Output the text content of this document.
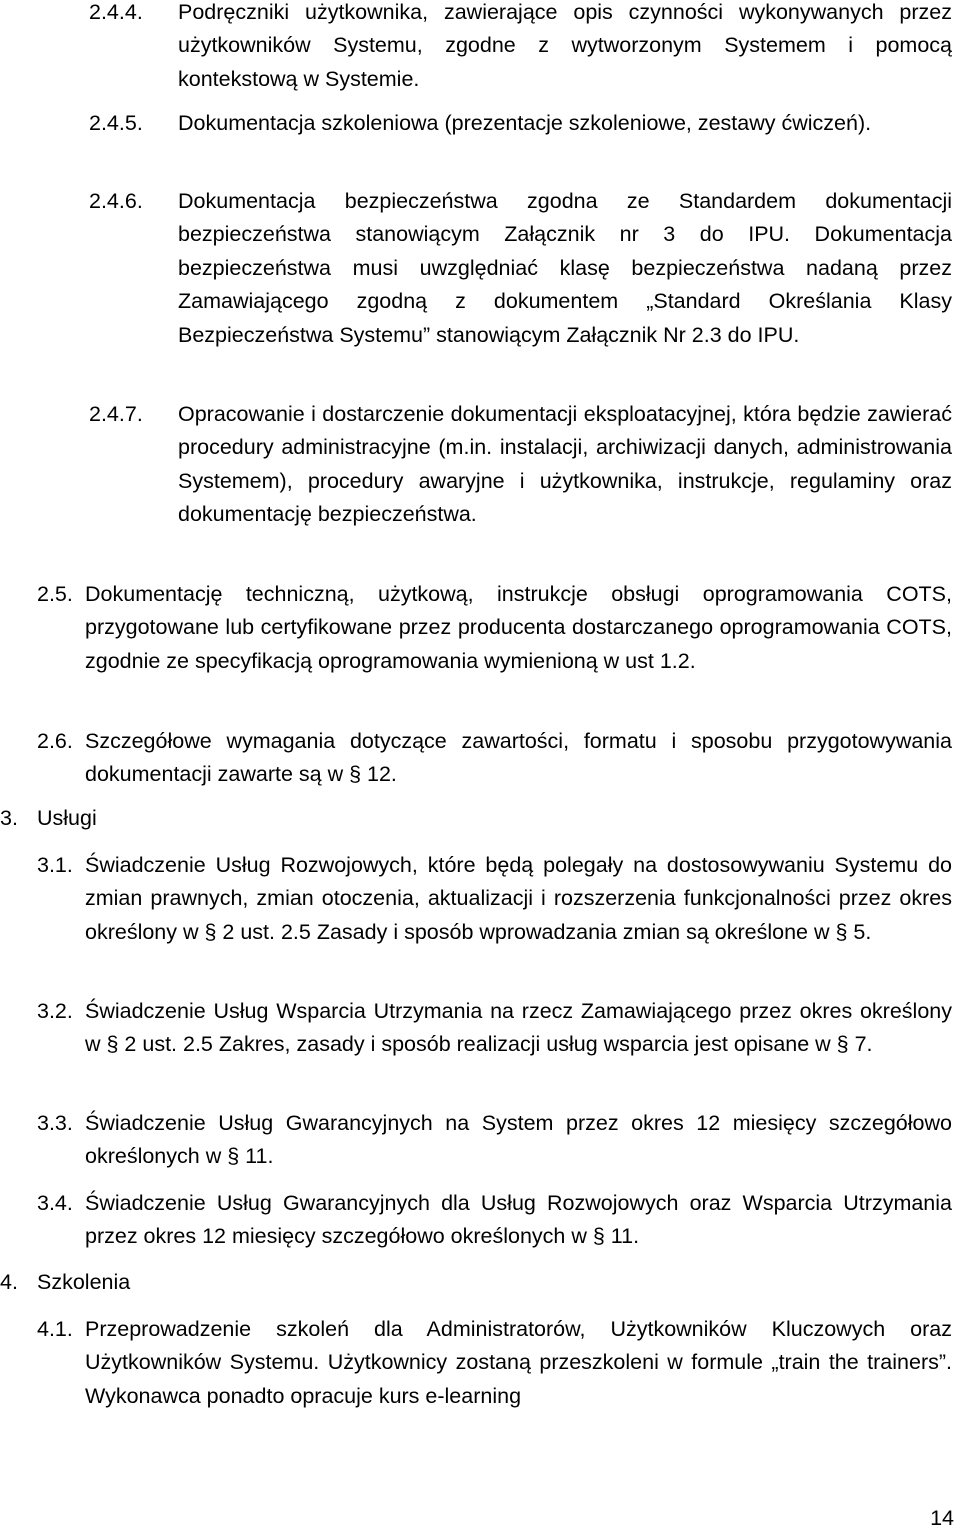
2.4.4.	Podręczniki użytkownika, zawierające opis czynności wykonywanych przez użytkowników Systemu, zgodne z wytworzonym Systemem i pomocą kontekstową w Systemie.
2.4.5.	Dokumentacja szkoleniowa (prezentacje szkoleniowe, zestawy ćwiczeń).
2.4.6.	Dokumentacja bezpieczeństwa zgodna ze Standardem dokumentacji bezpieczeństwa stanowiącym Załącznik nr 3 do IPU. Dokumentacja bezpieczeństwa musi uwzględniać klasę bezpieczeństwa nadaną przez Zamawiającego zgodną z dokumentem „Standard Określania Klasy Bezpieczeństwa Systemu” stanowiącym Załącznik Nr 2.3 do IPU.
2.4.7.	Opracowanie i dostarczenie dokumentacji eksploatacyjnej, która będzie zawierać procedury administracyjne (m.in. instalacji, archiwizacji danych, administrowania Systemem), procedury awaryjne i użytkownika, instrukcje, regulaminy oraz dokumentację bezpieczeństwa.
2.5. Dokumentację techniczną, użytkową, instrukcje obsługi oprogramowania COTS, przygotowane lub certyfikowane przez producenta dostarczanego oprogramowania COTS, zgodnie ze specyfikacją oprogramowania wymienioną w ust 1.2.
2.6. Szczegółowe wymagania dotyczące zawartości, formatu i sposobu przygotowywania dokumentacji zawarte są w § 12.
3. Usługi
3.1. Świadczenie Usług Rozwojowych, które będą polegały na dostosowywaniu Systemu do zmian prawnych, zmian otoczenia, aktualizacji i rozszerzenia funkcjonalności przez okres określony w § 2 ust. 2.5 Zasady i sposób wprowadzania zmian są określone w § 5.
3.2. Świadczenie Usług Wsparcia Utrzymania na rzecz Zamawiającego przez okres określony w § 2 ust. 2.5 Zakres, zasady i sposób realizacji usług wsparcia jest opisane w § 7.
3.3. Świadczenie Usług Gwarancyjnych na System przez okres 12 miesięcy szczegółowo określonych w § 11.
3.4. Świadczenie Usług Gwarancyjnych dla Usług Rozwojowych oraz Wsparcia Utrzymania przez okres 12 miesięcy szczegółowo określonych w § 11.
4. Szkolenia
4.1. Przeprowadzenie szkoleń dla Administratorów, Użytkowników Kluczowych oraz Użytkowników Systemu. Użytkownicy zostaną przeszkoleni w formule „train the trainers”. Wykonawca ponadto opracuje kurs e-learning
14
